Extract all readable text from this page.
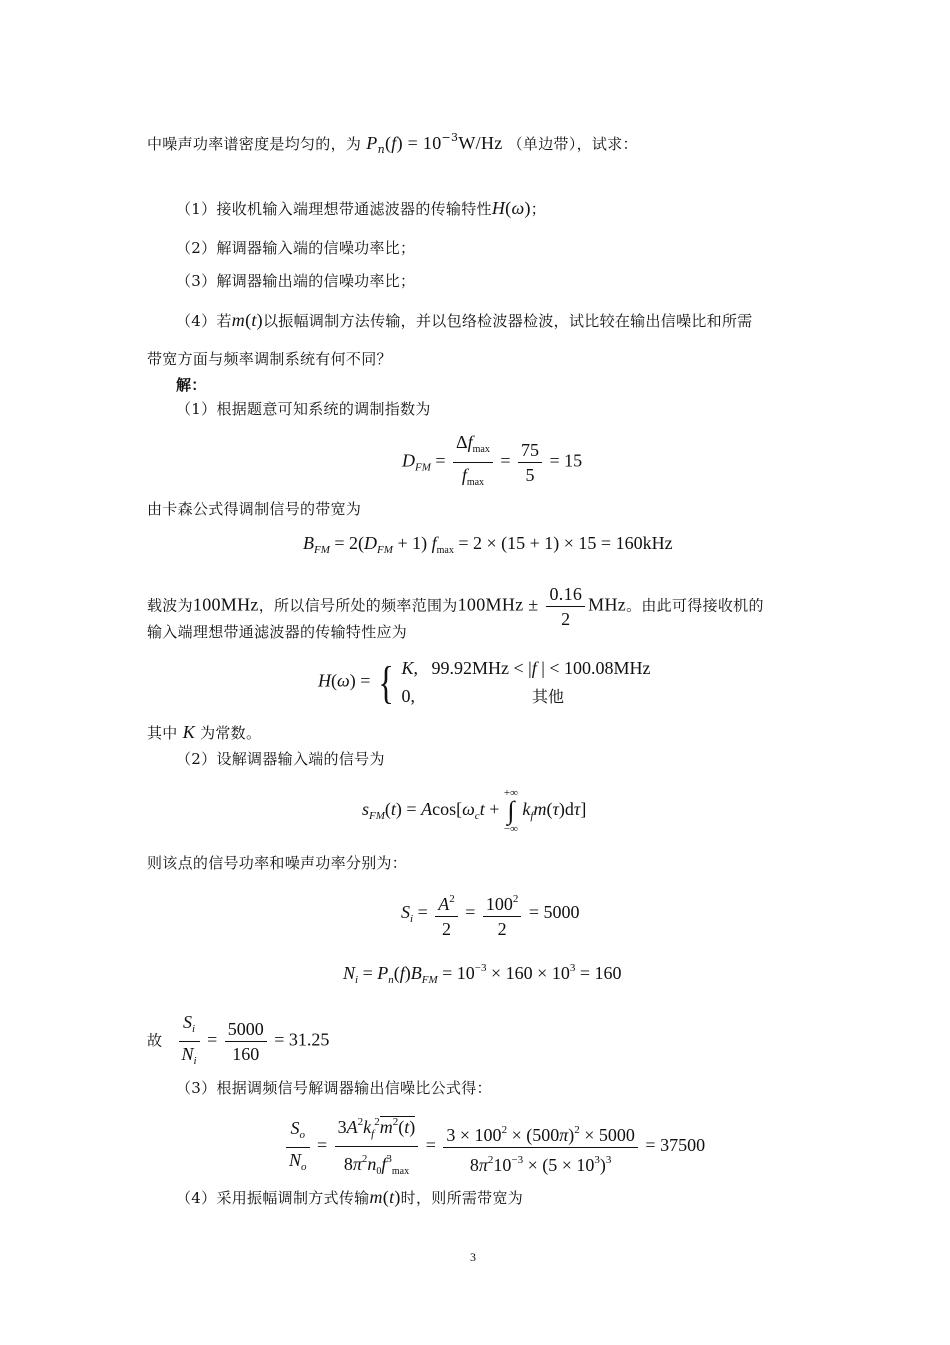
中噪声功率谱密度是均匀的，为 $P_n(f) = 10^{-3}W/Hz$ （单边带），试求：
（1）接收机输入端理想带通滤波器的传输特性H(ω)；
（2）解调器输入端的信噪功率比；
（3）解调器输出端的信噪功率比；
（4）若m(t)以振幅调制方法传输，并以包络检波器检波，试比较在输出信噪比和所需
带宽方面与频率调制系统有何不同？
解：
（1）根据题意可知系统的调制指数为
$D_{FM} = \frac{\Delta f_{max}}{f_{max}} = \frac{75}{5} = 15$
由卡森公式得调制信号的带宽为
$B_{FM} = 2(D_{FM} + 1) f_{max} = 2 \times (15 + 1) \times 15 = 160kHz$
载波为100MHz，所以信号所处的频率范围为$100MHz \pm \frac{0.16}{2}$ MHz。由此可得接收机的
输入端理想带通滤波器的传输特性应为
H(ω) = { K,   99.92MHz < |f | < 100.08MHz
0,                          其他
其中 K 为常数。
（2）设解调器输入端的信号为
$s_{FM}(t) = Acos[\omega_ct$ + +∞
∫
−∞ $k_fm(\tau)d\tau$]
则该点的信号功率和噪声功率分别为：
$S_i = \frac{A^2}{2} = \frac{100^2}{2} = 5000$
$N_i = P_n(f)B_{FM} = 10^{-3} \times 160 \times 10^3 = 160$
故 $\frac{S_i}{N_i} = \frac{5000}{160} = 31.25$
（3）根据调频信号解调器输出信噪比公式得：
$\frac{S_o}{N_o} = \frac{3A^2k_f^2m^2(t)}{8\pi^2n_0f^3_{max}} = \frac{3 \times 100^2 \times (500\pi)^2 \times 5000}{8\pi^210^{-3} \times (5 \times 10^3)^3} = 37500$
（4）采用振幅调制方式传输m(t)时，则所需带宽为
3
